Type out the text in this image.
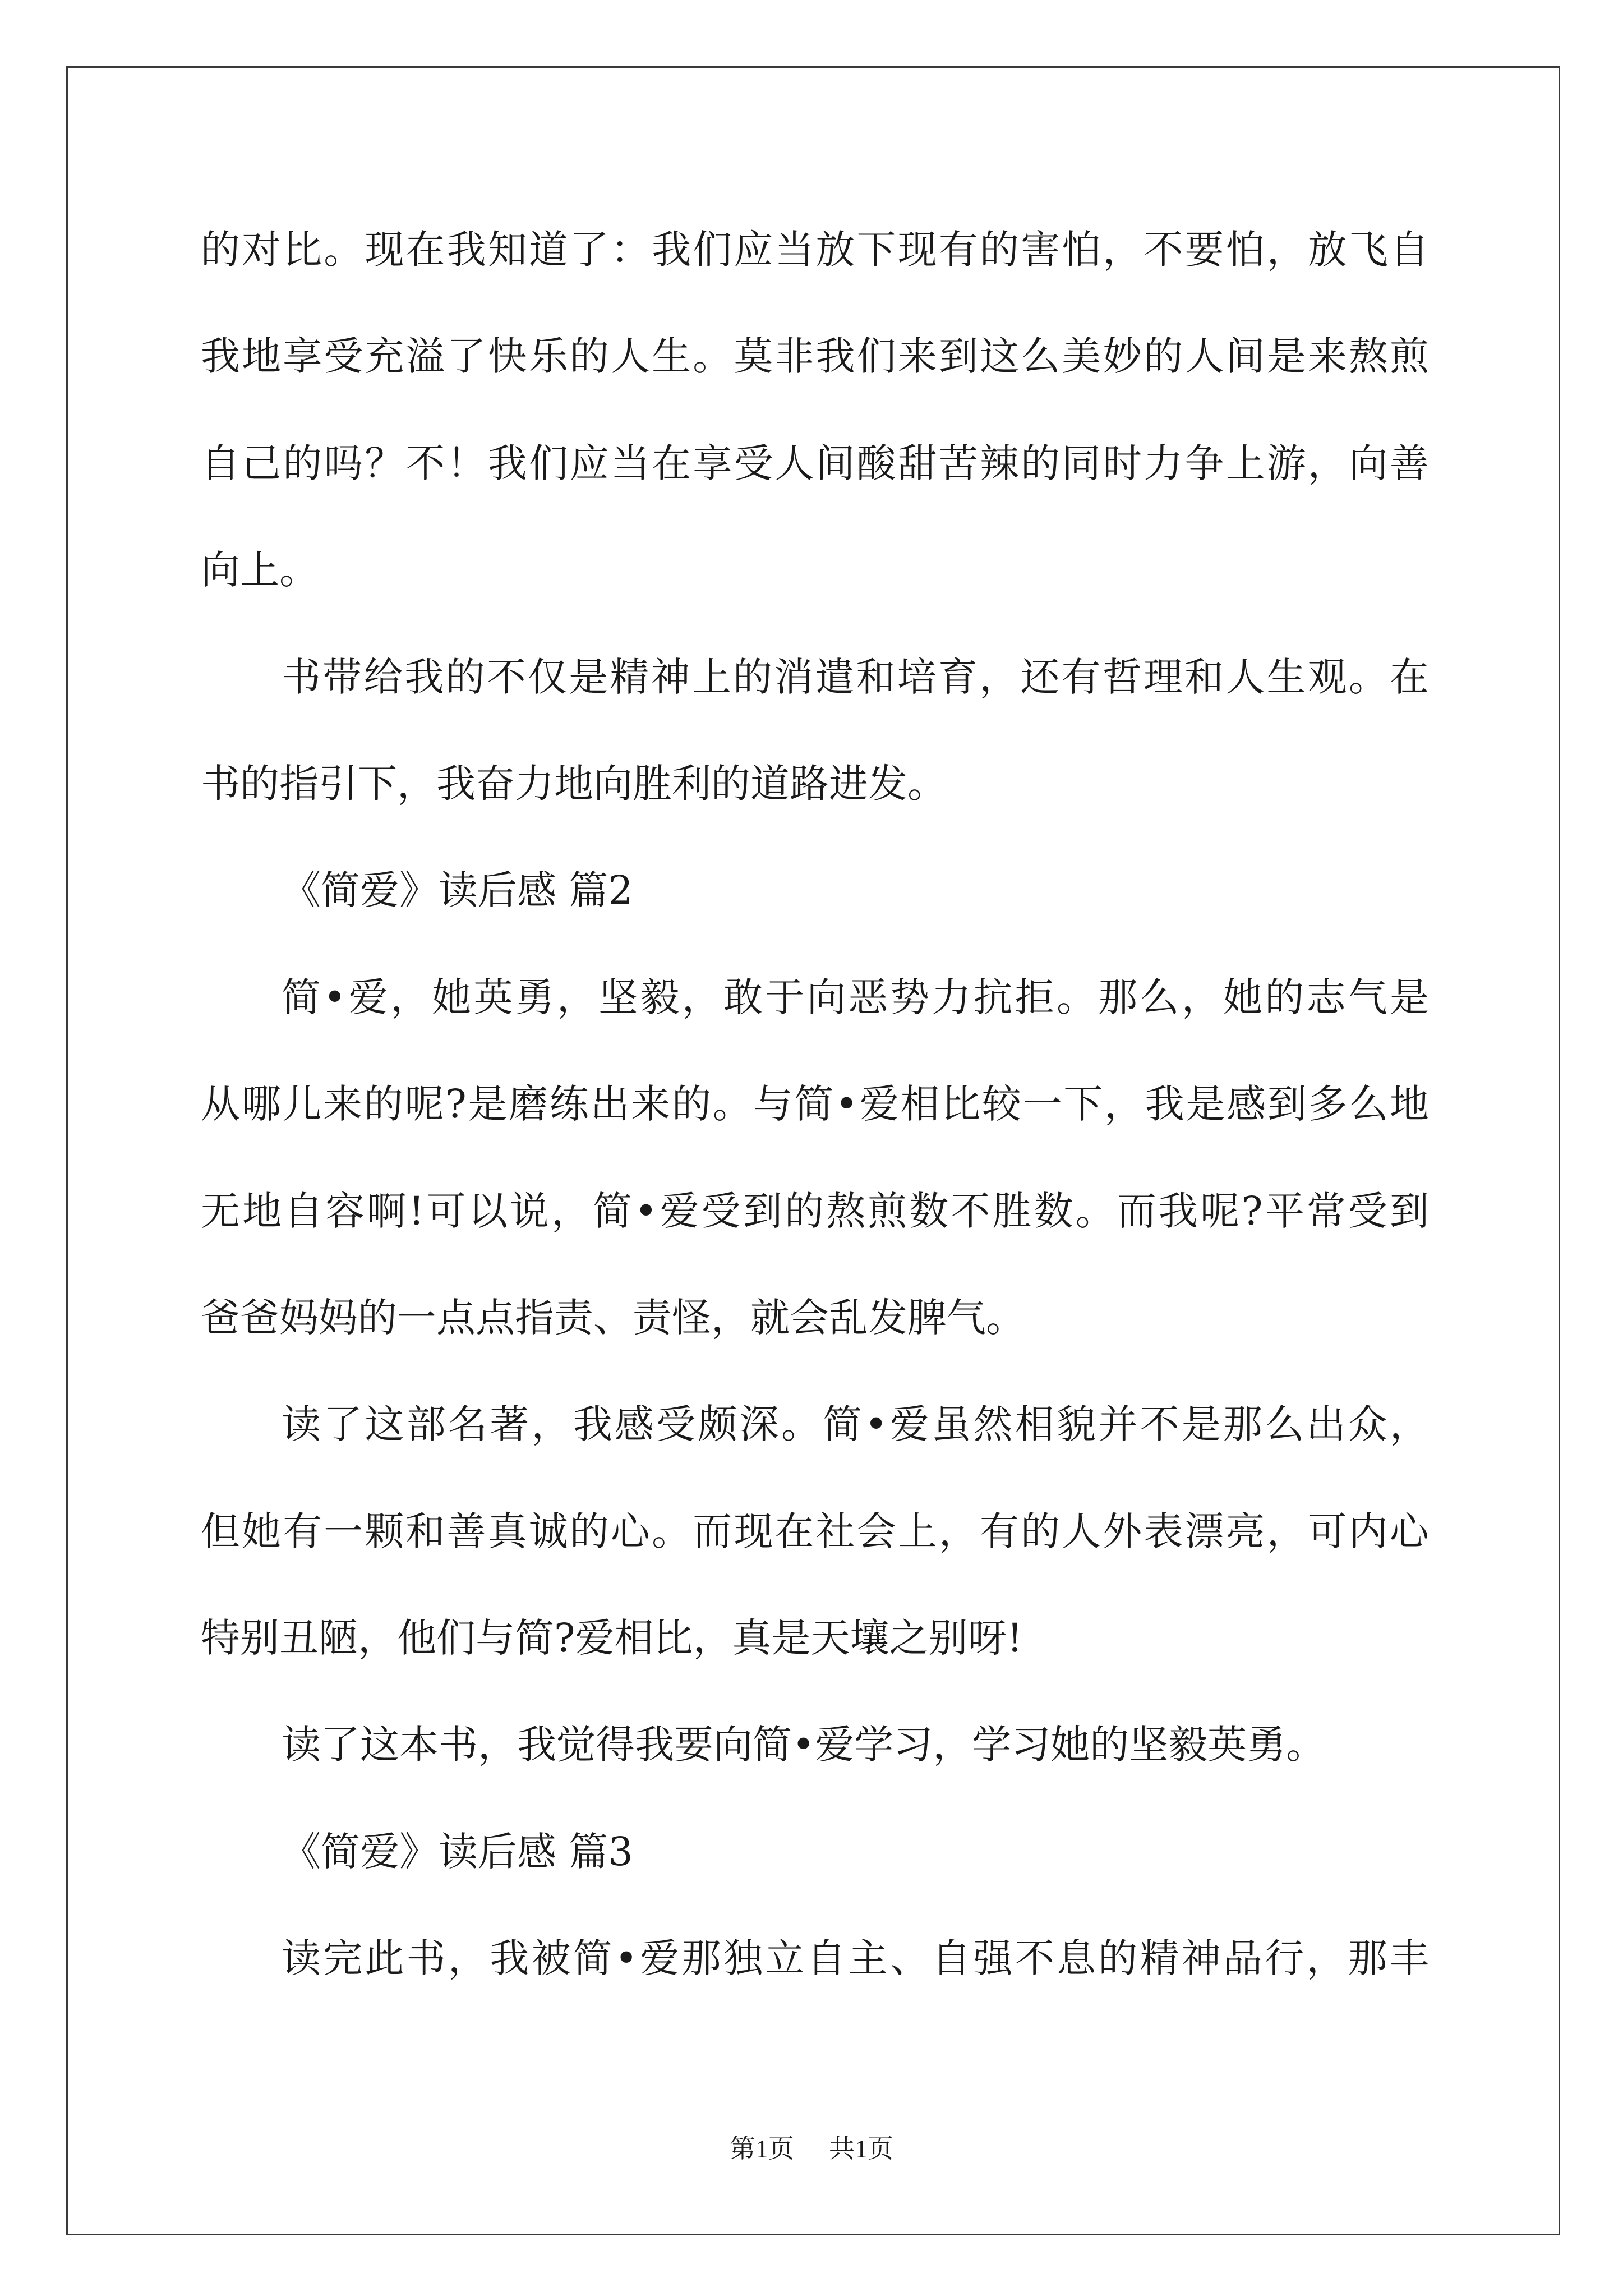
的对比。现在我知道了：我们应当放下现有的害怕，不要怕，放飞自
我地享受充溢了快乐的人生。莫非我们来到这么美妙的人间是来熬煎
自己的吗？不！我们应当在享受人间酸甜苦辣的同时力争上游，向善
向上。
书带给我的不仅是精神上的消遣和培育，还有哲理和人生观。在
书的指引下，我奋力地向胜利的道路进发。
《简爱》读后感 篇2
简•爱，她英勇，坚毅，敢于向恶势力抗拒。那么，她的志气是
从哪儿来的呢?是磨练出来的。与简•爱相比较一下，我是感到多么地
无地自容啊!可以说，简•爱受到的熬煎数不胜数。而我呢?平常受到
爸爸妈妈的一点点指责、责怪，就会乱发脾气。
读了这部名著，我感受颇深。简•爱虽然相貌并不是那么出众，
但她有一颗和善真诚的心。而现在社会上，有的人外表漂亮，可内心
特别丑陋，他们与简?爱相比，真是天壤之别呀!
读了这本书，我觉得我要向简•爱学习，学习她的坚毅英勇。
《简爱》读后感 篇3
读完此书，我被简•爱那独立自主、自强不息的精神品行，那丰
第1页 共1页
